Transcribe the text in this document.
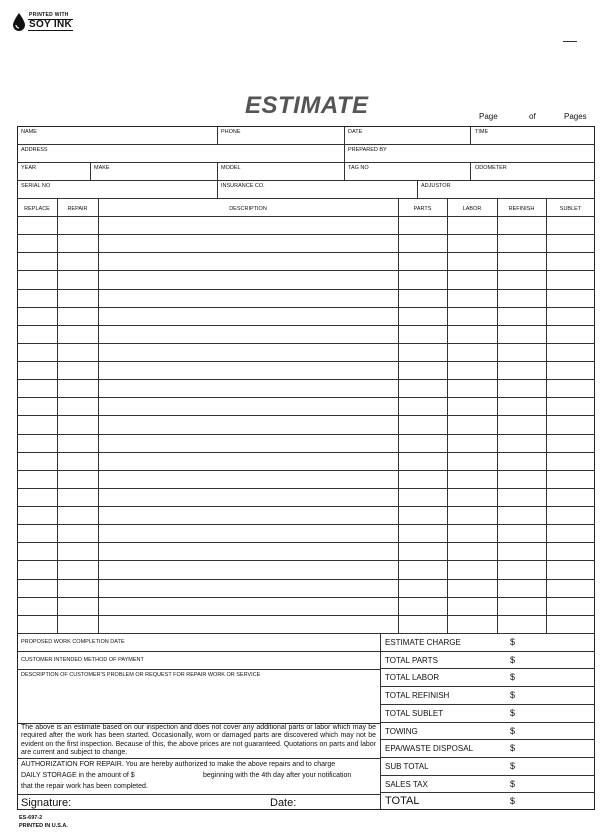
PRINTED WITH
SOY INK
ESTIMATE	Page	of	Pages
NAME	PHONE	DATE	TIME
ADDRESS	PREPARED BY
YEAR	MAKE	MODEL	TAG NO	ODOMETER
SERIAL NO	INSURANCE CO.	ADJUSTOR
REPLACE	REPAIR	DESCRIPTION	PARTS	LABOR	REFINISH	SUBLET
PROPOSED WORK COMPLETION DATE
CUSTOMER INTENDED METHOD OF PAYMENT
DESCRIPTION OF CUSTOMER'S PROBLEM OR REQUEST FOR REPAIR WORK OR SERVICE
The above is an estimate based on our inspection and does not cover any additional parts or labor which may be required after the work has been started. Occasionally, worn or damaged parts are discovered which may not be evident on the first inspection. Because of this, the above prices are not guaranteed. Quotations on parts and labor are current and subject to change.
AUTHORIZATION FOR REPAIR. You are hereby authorized to make the above repairs and to charge
DAILY STORAGE in the amount of $	beginning with the 4th day after your notification
that the repair work has been completed.
Signature:	Date:
ESTIMATE CHARGE	$
TOTAL PARTS	$
TOTAL LABOR	$
TOTAL REFINISH	$
TOTAL SUBLET	$
TOWING	$
EPA/WASTE DISPOSAL	$
SUB TOTAL	$
SALES TAX	$
TOTAL	$
ES-697-2
PRINTED IN U.S.A.
